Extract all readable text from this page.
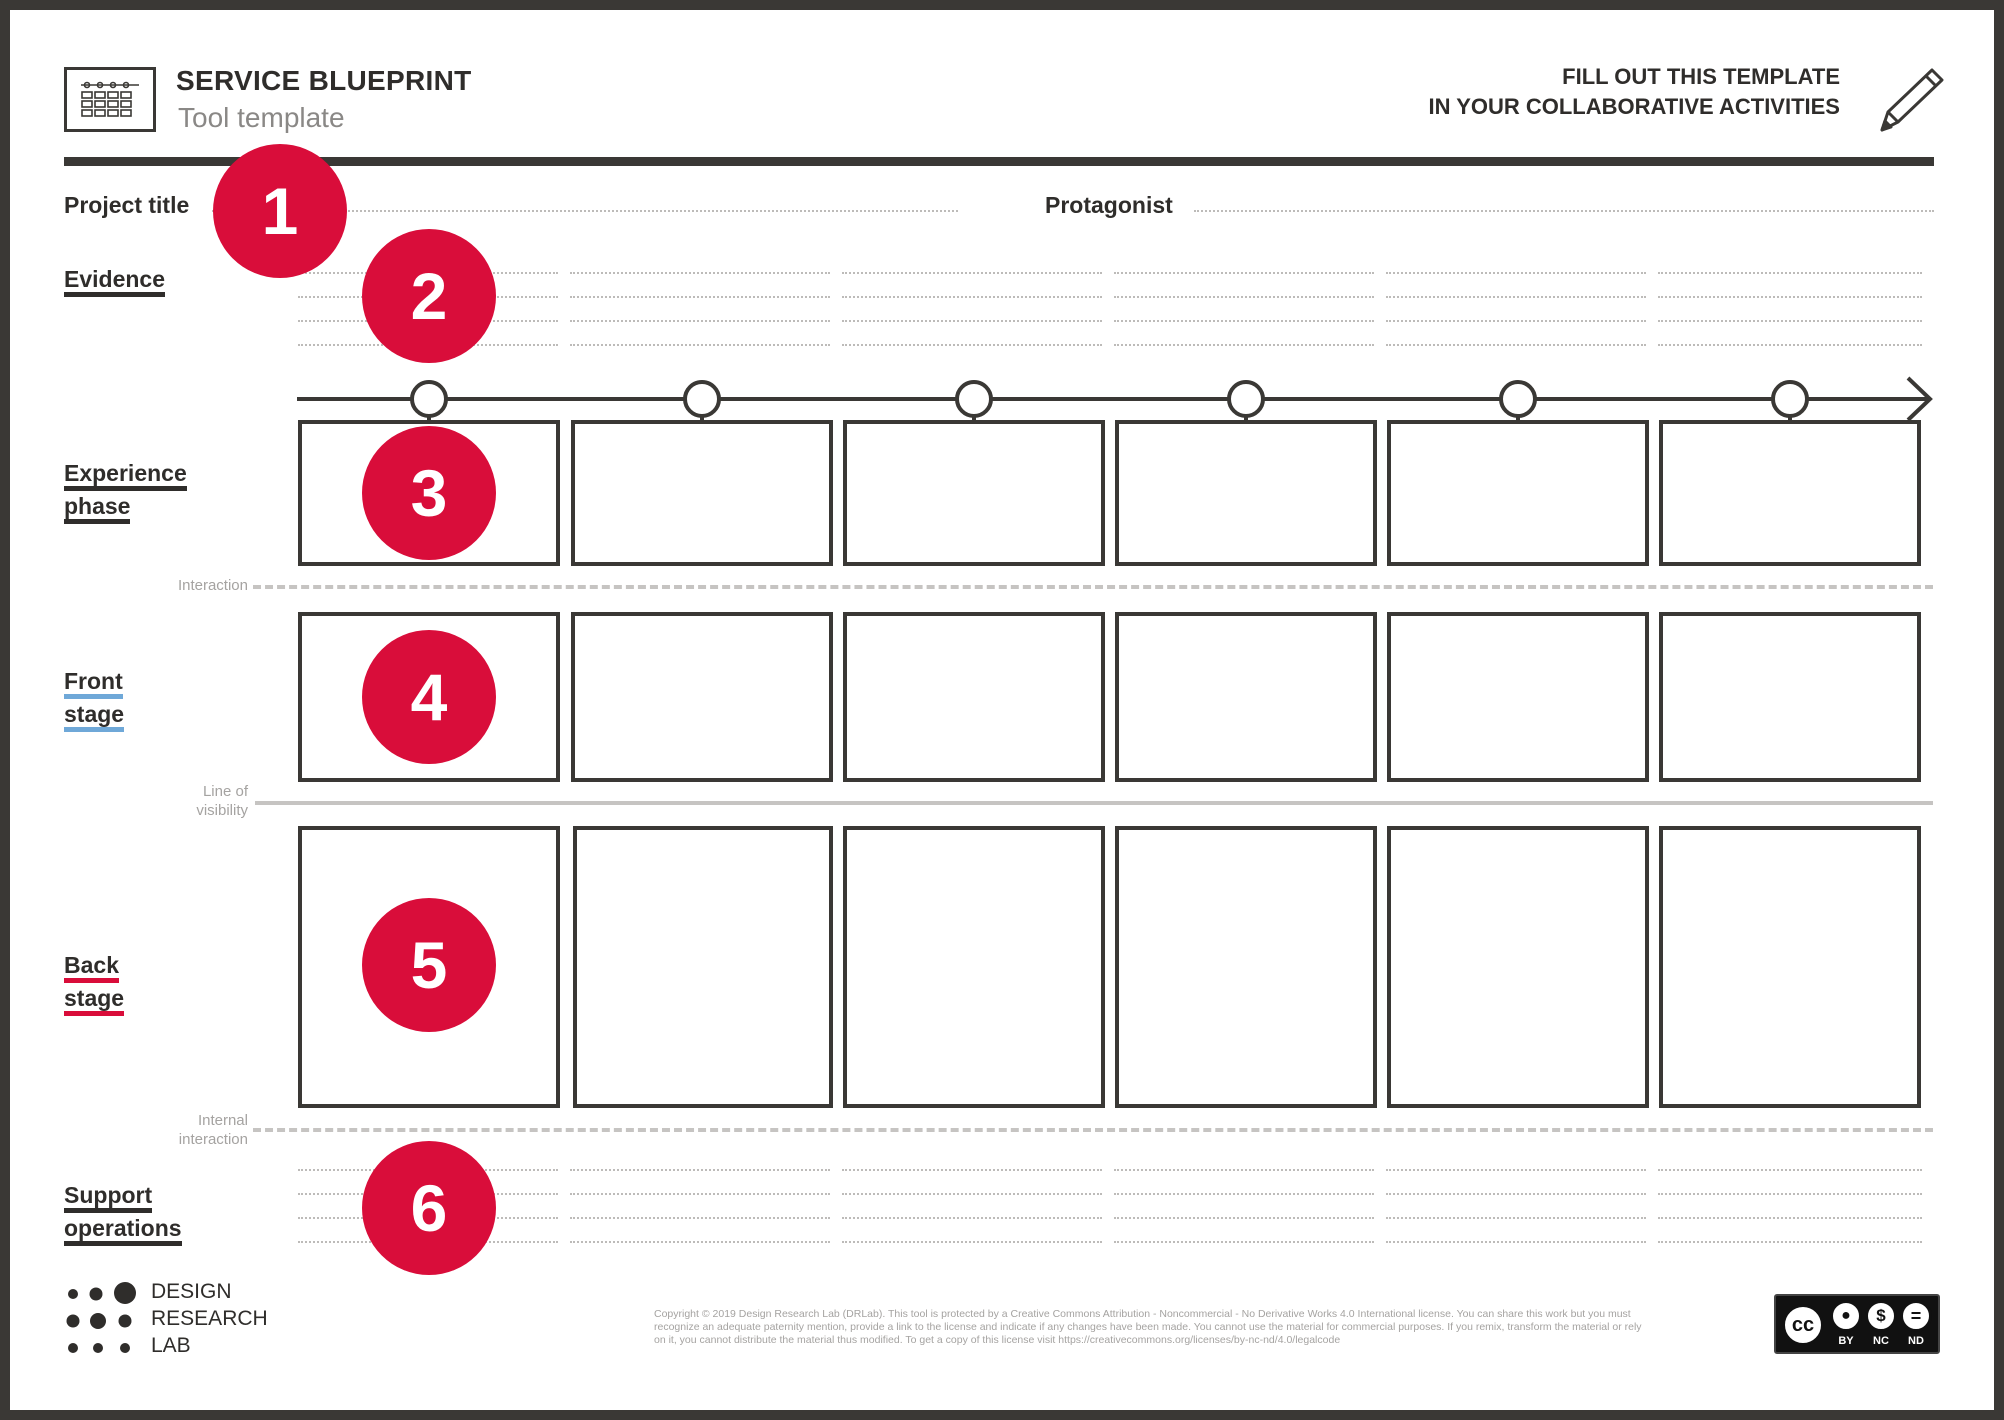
SERVICE BLUEPRINT
Tool template
FILL OUT THIS TEMPLATE
IN YOUR COLLABORATIVE ACTIVITIES
Project title	Protagonist
Evidence
Experience
phase
Interaction
Front
stage
Line of
visibility
Back
stage
Internal
interaction
Support
operations
1
2
3
4
5
6
DESIGN
RESEARCH
LAB
Copyright © 2019 Design Research Lab (DRLab). This tool is protected by a Creative Commons Attribution - Noncommercial - No Derivative Works 4.0 International license. You can share this work but you must
recognize an adequate paternity mention, provide a link to the license and indicate if any changes have been made. You cannot use the material for commercial purposes. If you remix, transform the material or rely
on it, you cannot distribute the material thus modified. To get a copy of this license visit https://creativecommons.org/licenses/by-nc-nd/4.0/legalcode
cc	●	$	=
BY	NC	ND
